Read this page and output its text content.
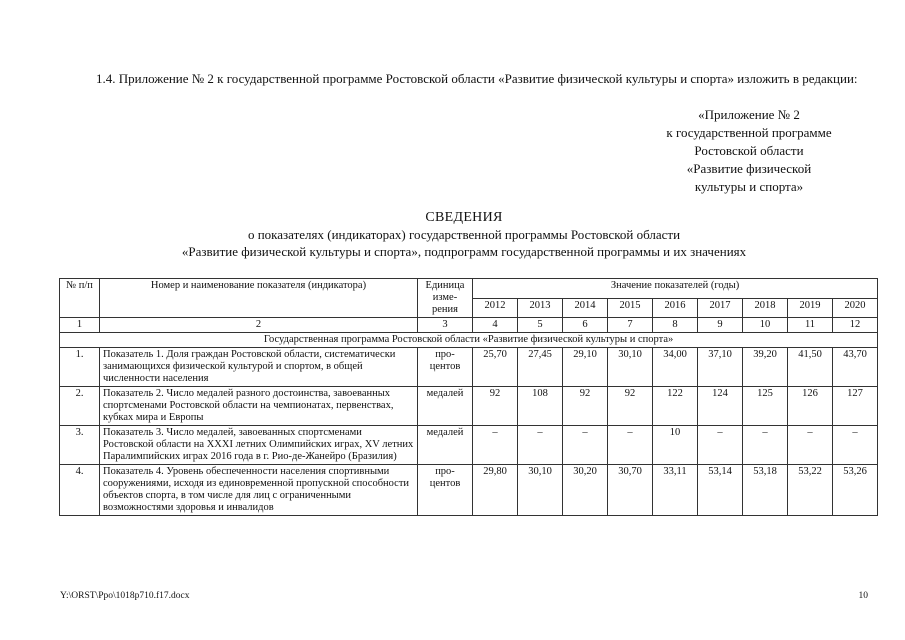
1.4. Приложение № 2 к государственной программе Ростовской области «Развитие физической культуры и спорта» изложить в редакции:
«Приложение № 2
к государственной программе
Ростовской области
«Развитие физической
культуры и спорта»
СВЕДЕНИЯ
о показателях (индикаторах) государственной программы Ростовской области
«Развитие физической культуры и спорта», подпрограмм государственной программы и их значениях
№ п/п	Номер и наименование показателя (индикатора)	Единица изме-рения	Значение показателей (годы)								
			2012	2013	2014	2015	2016	2017	2018	2019	2020
1	2	3	4	5	6	7	8	9	10	11	12
Государственная программа Ростовской области «Развитие физической культуры и спорта»											
1.	Показатель 1. Доля граждан Ростовской области, систематически занимающихся физической культурой и спортом, в общей численности населения	про-центов	25,70	27,45	29,10	30,10	34,00	37,10	39,20	41,50	43,70
2.	Показатель 2. Число медалей разного достоинства, завоеванных спортсменами Ростовской области на чемпионатах, первенствах, кубках мира и Европы	медалей	92	108	92	92	122	124	125	126	127
3.	Показатель 3. Число медалей, завоеванных спортсменами Ростовской области на XXXI летних Олимпийских играх, XV летних Паралимпийских играх 2016 года в г. Рио-де-Жанейро (Бразилия)	медалей	–	–	–	–	10	–	–	–	–
4.	Показатель 4. Уровень обеспеченности населения спортивными сооружениями, исходя из единовременной пропускной способности объектов спорта, в том числе для лиц с ограниченными возможностями здоровья и инвалидов	про-центов	29,80	30,10	30,20	30,70	33,11	53,14	53,18	53,22	53,26
Y:\ORST\Ppo\1018p710.f17.docx	10
